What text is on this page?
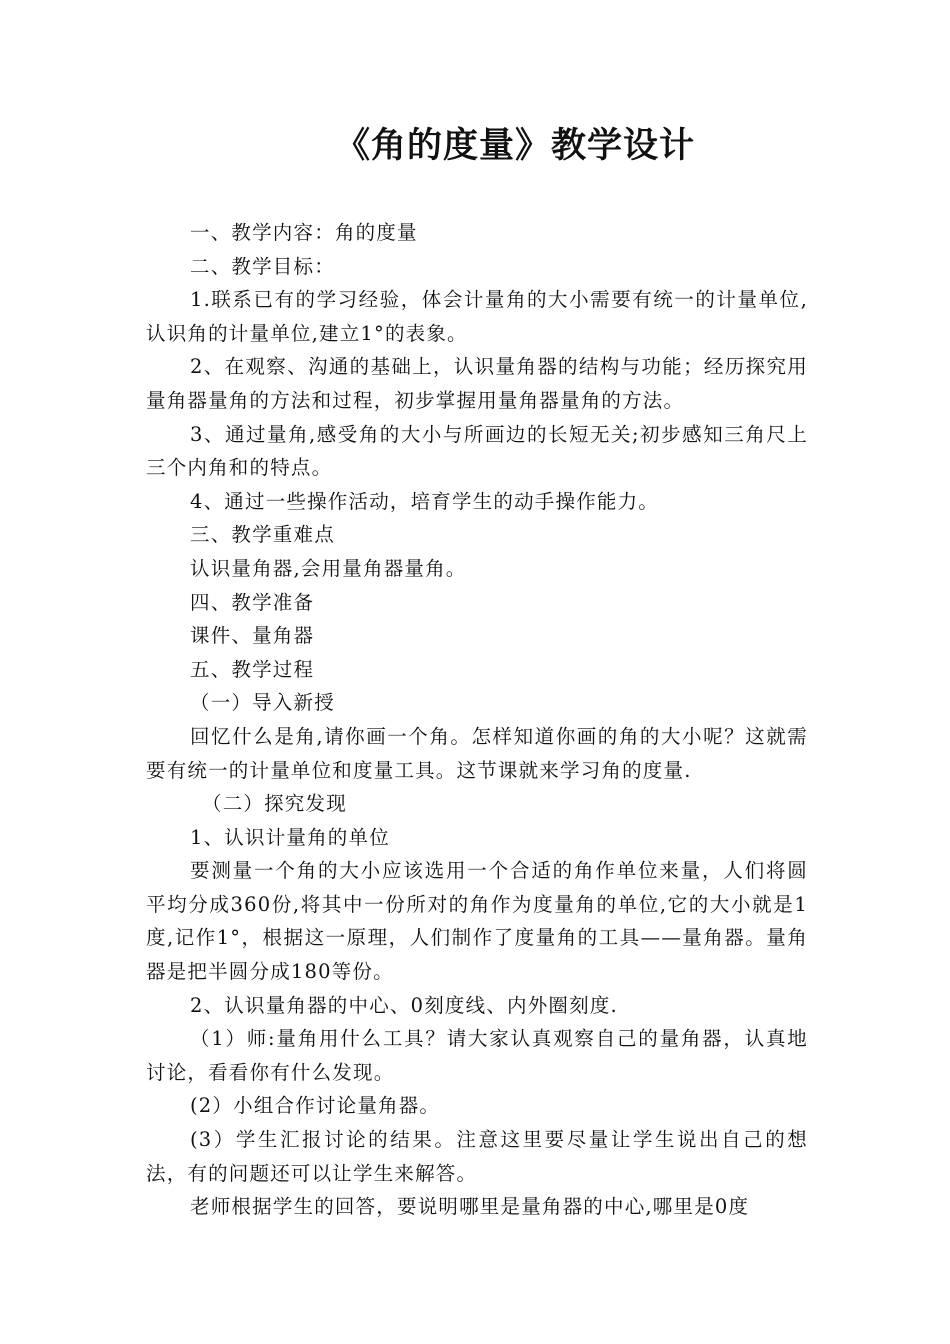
《角的度量》教学设计

一、教学内容：角的度量

二、教学目标：

1.联系已有的学习经验，体会计量角的大小需要有统一的计量单位,认识角的计量单位,建立1°的表象。

2、在观察、沟通的基础上，认识量角器的结构与功能；经历探究用量角器量角的方法和过程，初步掌握用量角器量角的方法。

3、通过量角,感受角的大小与所画边的长短无关;初步感知三角尺上三个内角和的特点。

4、通过一些操作活动，培育学生的动手操作能力。

三、教学重难点

认识量角器,会用量角器量角。

四、教学准备

课件、量角器

五、教学过程

（一）导入新授

回忆什么是角,请你画一个角。怎样知道你画的角的大小呢？这就需要有统一的计量单位和度量工具。这节课就来学习角的度量.

（二）探究发现

1、认识计量角的单位

要测量一个角的大小应该选用一个合适的角作单位来量，人们将圆平均分成360份,将其中一份所对的角作为度量角的单位,它的大小就是1度,记作1°，根据这一原理，人们制作了度量角的工具——量角器。量角器是把半圆分成180等份。

2、认识量角器的中心、0刻度线、内外圈刻度.

（1）师:量角用什么工具？请大家认真观察自己的量角器，认真地讨论，看看你有什么发现。

(2）小组合作讨论量角器。

(3）学生汇报讨论的结果。注意这里要尽量让学生说出自己的想法，有的问题还可以让学生来解答。

老师根据学生的回答，要说明哪里是量角器的中心,哪里是0度
